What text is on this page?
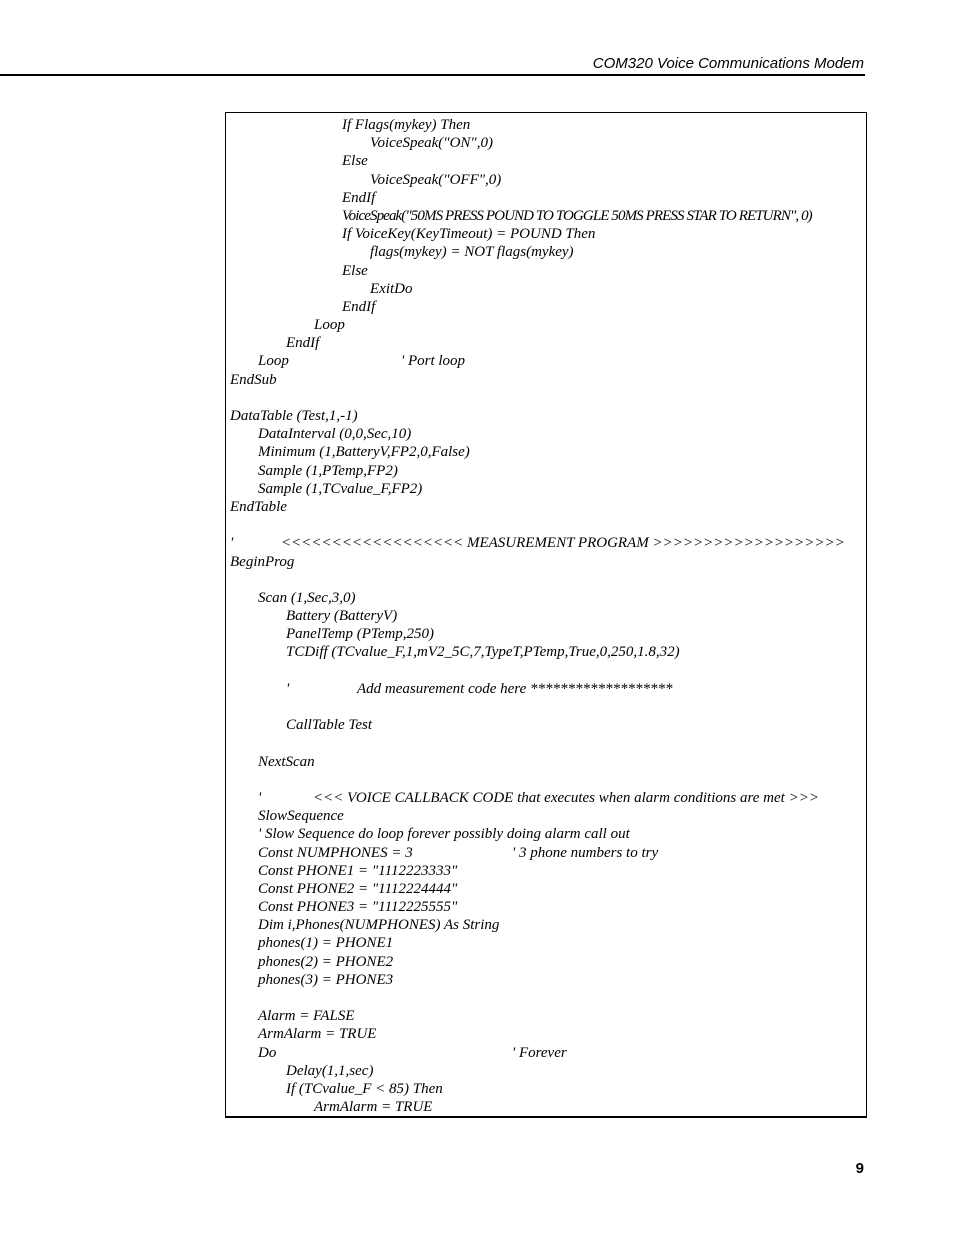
COM320 Voice Communications Modem
If Flags(mykey) Then
VoiceSpeak("ON",0)
Else
VoiceSpeak("OFF",0)
EndIf
VoiceSpeak("50MS PRESS POUND TO TOGGLE 50MS PRESS STAR TO RETURN", 0)
If VoiceKey(KeyTimeout) = POUND Then
flags(mykey) = NOT flags(mykey)
Else
ExitDo
EndIf
Loop
EndIf
Loop	' Port loop
EndSub
DataTable (Test,1,-1)
DataInterval (0,0,Sec,10)
Minimum (1,BatteryV,FP2,0,False)
Sample (1,PTemp,FP2)
Sample (1,TCvalue_F,FP2)
EndTable
'	<<<<<<<<<<<<<<<<<< MEASUREMENT PROGRAM >>>>>>>>>>>>>>>>>>>
BeginProg
Scan (1,Sec,3,0)
Battery (BatteryV)
PanelTemp (PTemp,250)
TCDiff (TCvalue_F,1,mV2_5C,7,TypeT,PTemp,True,0,250,1.8,32)
'	Add measurement code here *******************
CallTable Test
NextScan
'	<<< VOICE CALLBACK CODE that executes when alarm conditions are met >>>
SlowSequence
' Slow Sequence do loop forever possibly doing alarm call out
Const NUMPHONES = 3	' 3 phone numbers to try
Const PHONE1 = "1112223333"
Const PHONE2 = "1112224444"
Const PHONE3 = "1112225555"
Dim i,Phones(NUMPHONES) As String
phones(1) = PHONE1
phones(2) = PHONE2
phones(3) = PHONE3
Alarm = FALSE
ArmAlarm = TRUE
Do	' Forever
Delay(1,1,sec)
If (TCvalue_F < 85) Then
ArmAlarm = TRUE
9
